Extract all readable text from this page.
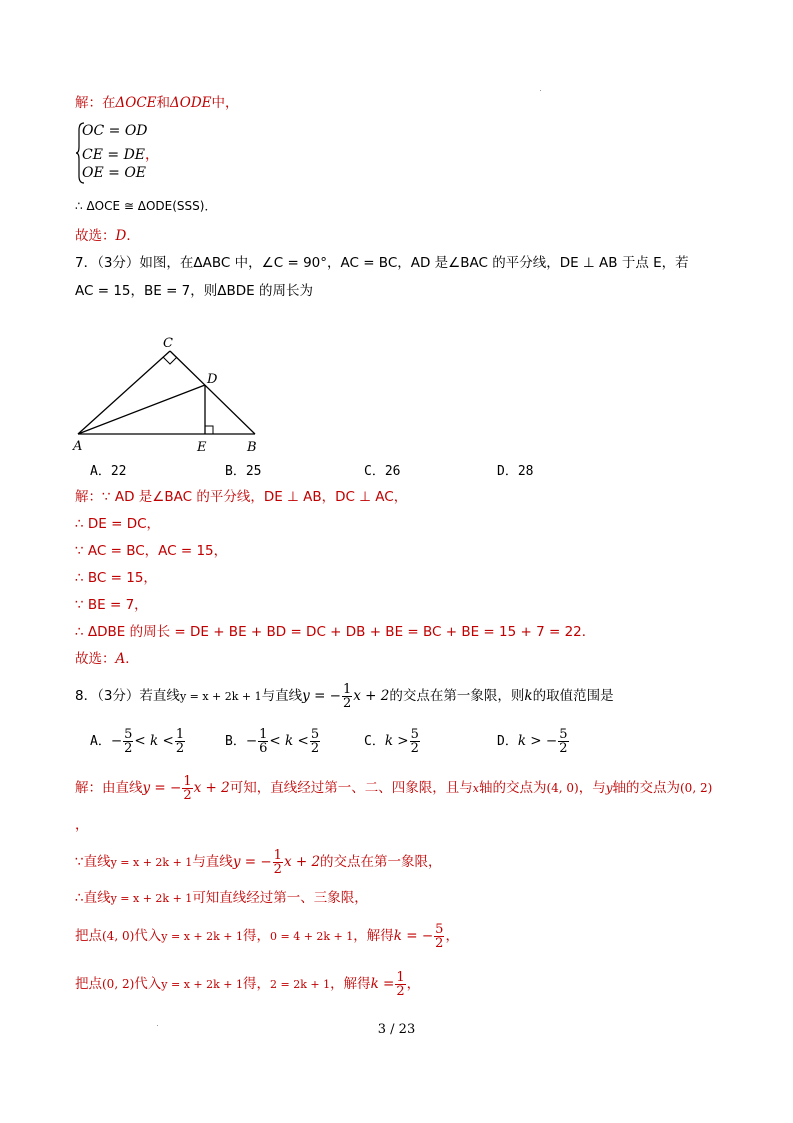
解：在ΔOCE和ΔODE中，
OC = OD
CE = DE，
OE = OE
∴ ΔOCE ≅ ΔODE(SSS)．
故选：D．
7．（3分）如图，在ΔABC 中，∠C = 90°，AC = BC，AD 是∠BAC 的平分线，DE ⊥ AB 于点 E，若
AC = 15，BE = 7，则ΔBDE 的周长为
C
D
A	E	B
A．22	B．25	C．26	D．28
解：∵ AD 是∠BAC 的平分线，DE ⊥ AB，DC ⊥ AC，
∴ DE = DC，
∵ AC = BC，AC = 15，
∴ BC = 15，
∵ BE = 7，
∴ ΔDBE 的周长 = DE + BE + BD = DC + DB + BE = BC + BE = 15 + 7 = 22．
故选：A．
8．（3分）若直线y = x + 2k + 1与直线y = − $\frac{1}{2}$ x + 2的交点在第一象限，则k的取值范围是
A．− $\frac{5}{2} < k < \frac{1}{2}$	B．− $\frac{1}{6} < k < \frac{5}{2}$	C．$k > \frac{5}{2}$	D．k > − $\frac{5}{2}$
解：由直线y = − $\frac{1}{2}$ x + 2可知，直线经过第一、二、四象限，且与x轴的交点为(4, 0)，与y轴的交点为(0, 2)
，
∵直线y = x + 2k + 1与直线y = − $\frac{1}{2}$ x + 2的交点在第一象限，
∴直线y = x + 2k + 1可知直线经过第一、三象限，
把点(4, 0)代入y = x + 2k + 1得，0 = 4 + 2k + 1，解得k = − $\frac{5}{2}$ ，
把点(0, 2)代入y = x + 2k + 1得，2 = 2k + 1，解得$k = \frac{1}{2}$ ，
3 / 23
